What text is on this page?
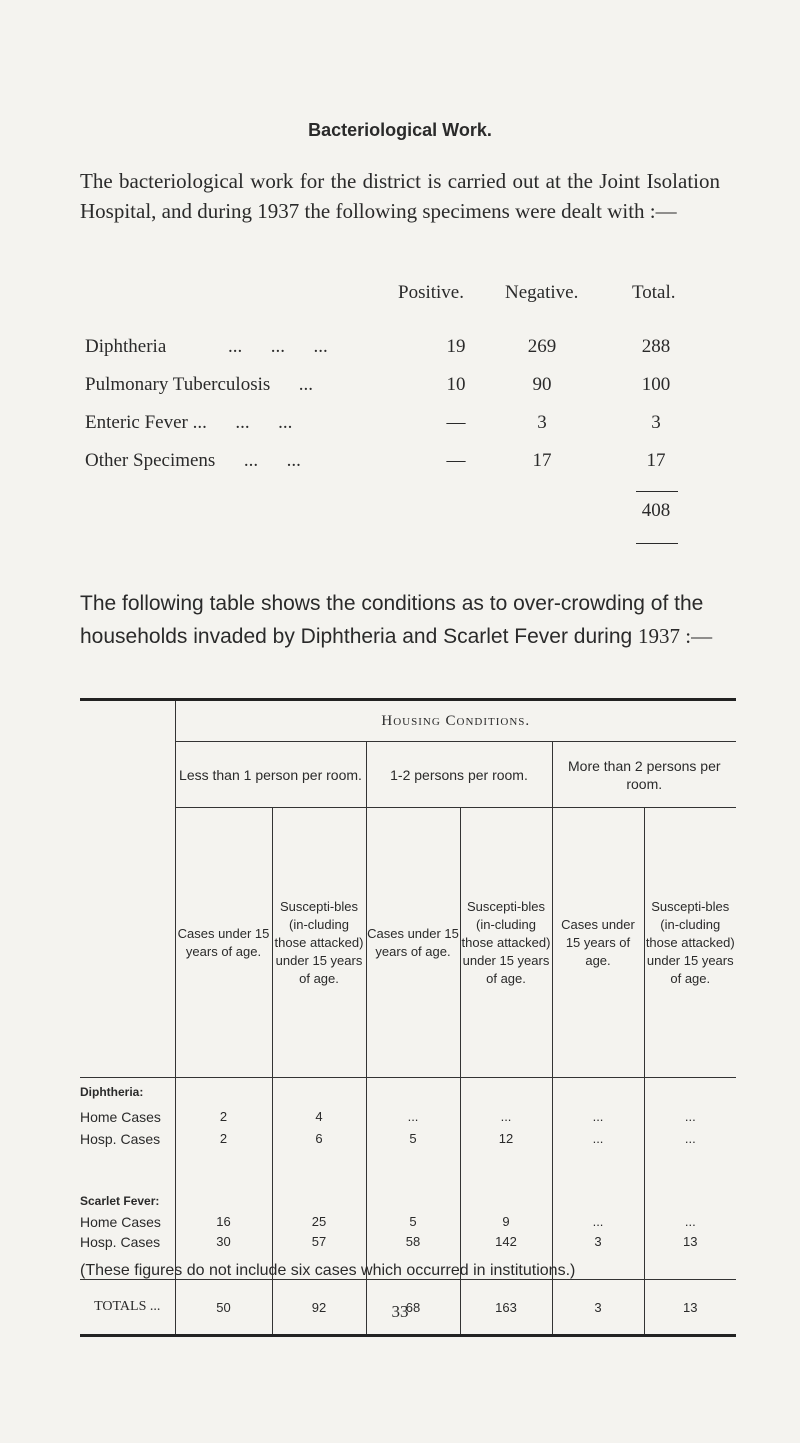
Bacteriological Work.
The bacteriological work for the district is carried out at the Joint Isolation Hospital, and during 1937 the following specimens were dealt with :—
Positive. Negative.	Total.
Diphtheria             ...      ...      ...	19	269	288
Pulmonary Tuberculosis      ...	10	90	100
Enteric Fever ...      ...      ...	—	3	3
Other Specimens      ...      ...	—	17	17
408
The following table shows the conditions as to over-crowding of the households invaded by Diphtheria and Scarlet Fever during 1937 :—
	Housing Conditions.					
	Less than 1 person per room.		1-2 persons per room.		More than 2 persons per room.	
	Cases under 15 years of age.	Suscepti-bles (in-cluding those attacked) under 15 years of age.	Cases under 15 years of age.	Suscepti-bles (in-cluding those attacked) under 15 years of age.	Cases under 15 years of age.	Suscepti-bles (in-cluding those attacked) under 15 years of age.
Diphtheria:						
Home Cases	2	4	...	...	...	...
Hosp. Cases	2	6	5	12	...	...

Scarlet Fever:						
Home Cases	16	25	5	9	...	...
Hosp. Cases	30	57	58	142	3	13

TOTALS ...	50	92	68	163	3	13
(These figures do not include six cases which occurred in institutions.)
33
